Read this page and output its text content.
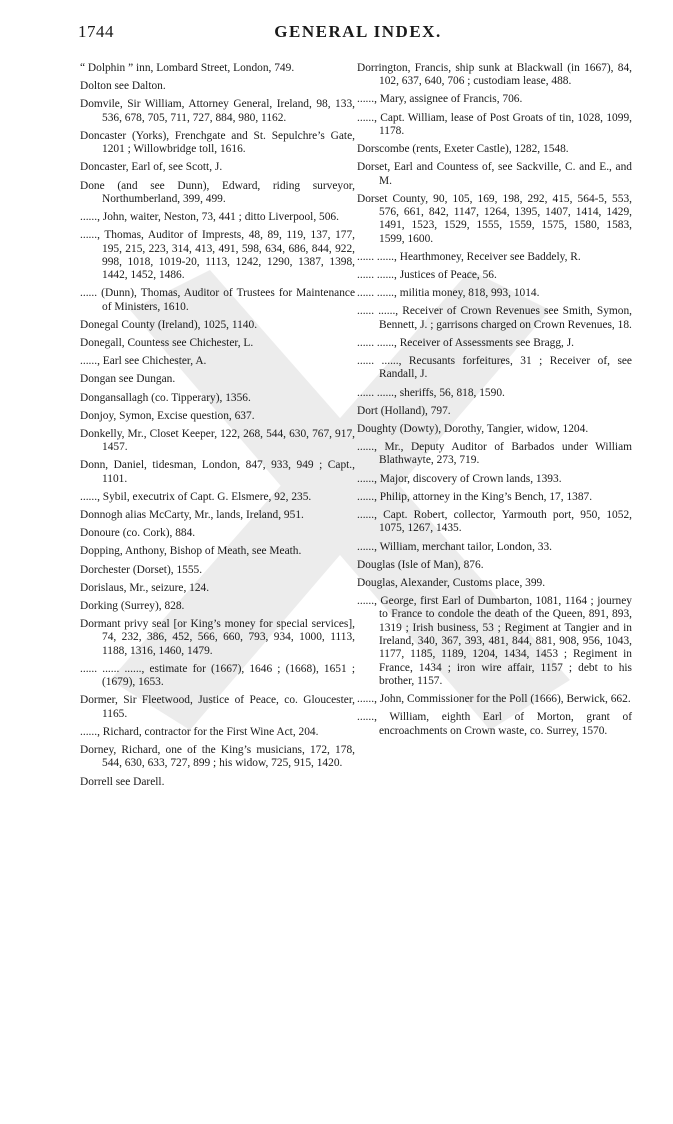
1744	GENERAL INDEX.

“ Dolphin ” inn, Lombard Street, London, 749.

Dolton see Dalton.

Domvile, Sir William, Attorney General, Ireland, 98, 133, 536, 678, 705, 711, 727, 884, 980, 1162.

Doncaster (Yorks), Frenchgate and St. Sepulchre’s Gate, 1201 ; Willowbridge toll, 1616.

Doncaster, Earl of, see Scott, J.

Done (and see Dunn), Edward, riding surveyor, Northumberland, 399, 499.

......, John, waiter, Neston, 73, 441 ; ditto Liverpool, 506.

......, Thomas, Auditor of Imprests, 48, 89, 119, 137, 177, 195, 215, 223, 314, 413, 491, 598, 634, 686, 844, 922, 998, 1018, 1019-20, 1113, 1242, 1290, 1387, 1398, 1442, 1452, 1486.

...... (Dunn), Thomas, Auditor of Trustees for Maintenance of Ministers, 1610.

Donegal County (Ireland), 1025, 1140.

Donegall, Countess see Chichester, L.

......, Earl see Chichester, A.

Dongan see Dungan.

Dongansallagh (co. Tipperary), 1356.

Donjoy, Symon, Excise question, 637.

Donkelly, Mr., Closet Keeper, 122, 268, 544, 630, 767, 917, 1457.

Donn, Daniel, tidesman, London, 847, 933, 949 ; Capt., 1101.

......, Sybil, executrix of Capt. G. Elsmere, 92, 235.

Donnogh alias McCarty, Mr., lands, Ireland, 951.

Donoure (co. Cork), 884.

Dopping, Anthony, Bishop of Meath, see Meath.

Dorchester (Dorset), 1555.

Dorislaus, Mr., seizure, 124.

Dorking (Surrey), 828.

Dormant privy seal [or King’s money for special services], 74, 232, 386, 452, 566, 660, 793, 934, 1000, 1113, 1188, 1316, 1460, 1479.

...... ...... ......, estimate for (1667), 1646 ; (1668), 1651 ; (1679), 1653.

Dormer, Sir Fleetwood, Justice of Peace, co. Gloucester, 1165.

......, Richard, contractor for the First Wine Act, 204.

Dorney, Richard, one of the King’s musicians, 172, 178, 544, 630, 633, 727, 899 ; his widow, 725, 915, 1420.

Dorrell see Darell.

Dorrington, Francis, ship sunk at Blackwall (in 1667), 84, 102, 637, 640, 706 ; custodiam lease, 488.

......, Mary, assignee of Francis, 706.

......, Capt. William, lease of Post Groats of tin, 1028, 1099, 1178.

Dorscombe (rents, Exeter Castle), 1282, 1548.

Dorset, Earl and Countess of, see Sackville, C. and E., and M.

Dorset County, 90, 105, 169, 198, 292, 415, 564-5, 553, 576, 661, 842, 1147, 1264, 1395, 1407, 1414, 1429, 1491, 1523, 1529, 1555, 1559, 1575, 1580, 1583, 1599, 1600.

...... ......, Hearthmoney, Receiver see Baddely, R.

...... ......, Justices of Peace, 56.

...... ......, militia money, 818, 993, 1014.

...... ......, Receiver of Crown Revenues see Smith, Symon, Bennett, J. ; garrisons charged on Crown Revenues, 18.

...... ......, Receiver of Assessments see Bragg, J.

...... ......, Recusants forfeitures, 31 ; Receiver of, see Randall, J.

...... ......, sheriffs, 56, 818, 1590.

Dort (Holland), 797.

Doughty (Dowty), Dorothy, Tangier, widow, 1204.

......, Mr., Deputy Auditor of Barbados under William Blathwayte, 273, 719.

......, Major, discovery of Crown lands, 1393.

......, Philip, attorney in the King’s Bench, 17, 1387.

......, Capt. Robert, collector, Yarmouth port, 950, 1052, 1075, 1267, 1435.

......, William, merchant tailor, London, 33.

Douglas (Isle of Man), 876.

Douglas, Alexander, Customs place, 399.

......, George, first Earl of Dumbarton, 1081, 1164 ; journey to France to condole the death of the Queen, 891, 893, 1319 ; Irish business, 53 ; Regiment at Tangier and in Ireland, 340, 367, 393, 481, 844, 881, 908, 956, 1043, 1177, 1185, 1189, 1204, 1434, 1453 ; Regiment in France, 1434 ; iron wire affair, 1157 ; debt to his brother, 1157.

......, John, Commissioner for the Poll (1666), Berwick, 662.

......, William, eighth Earl of Morton, grant of encroachments on Crown waste, co. Surrey, 1570.
